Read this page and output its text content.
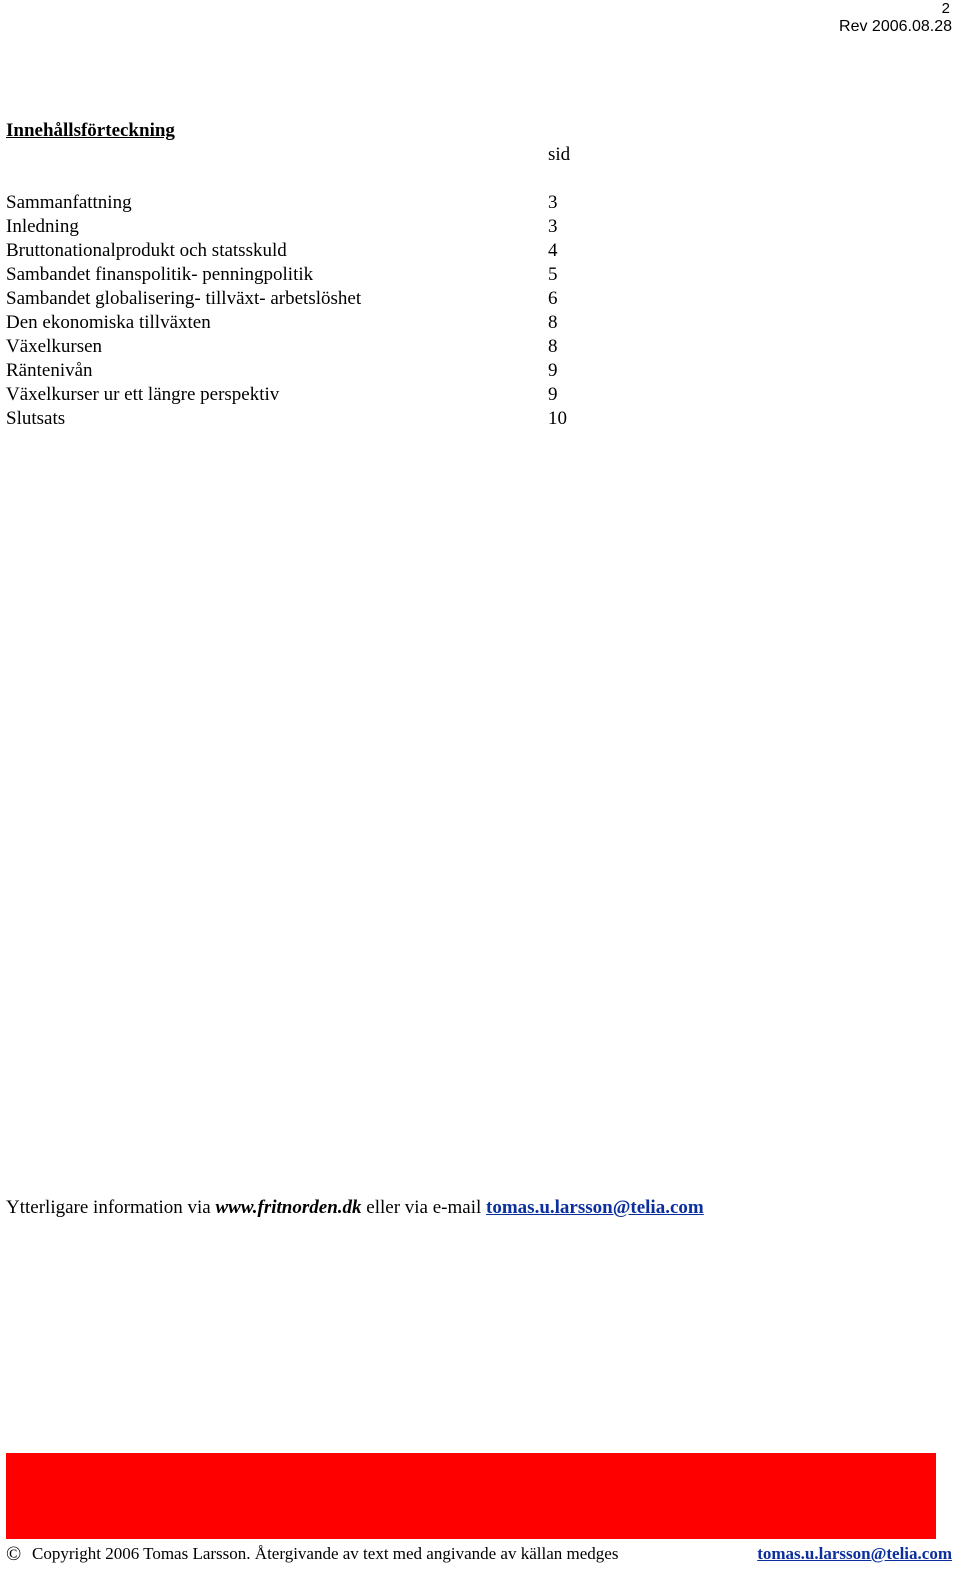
2
Rev 2006.08.28
Innehållsförteckning
sid
Sammanfattning	3
Inledning	3
Bruttonationalprodukt och statsskuld	4
Sambandet finanspolitik- penningpolitik	5
Sambandet globalisering- tillväxt- arbetslöshet	6
Den ekonomiska tillväxten	8
Växelkursen	8
Räntenivån	9
Växelkurser ur ett längre perspektiv	9
Slutsats	10
Ytterligare information via www.fritnorden.dk eller via e-mail tomas.u.larsson@telia.com
© Copyright 2006 Tomas Larsson. Återgivande av text med angivande av källan medges	tomas.u.larsson@telia.com
